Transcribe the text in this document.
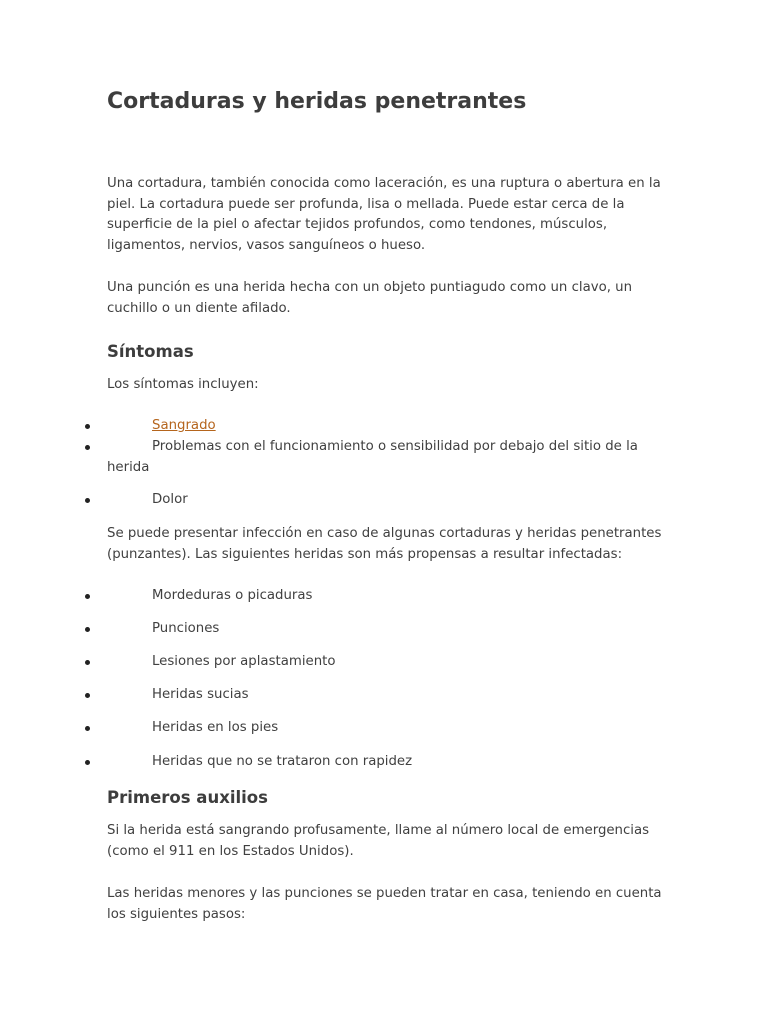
Cortaduras y heridas penetrantes

Una cortadura, también conocida como laceración, es una ruptura o abertura en la piel. La cortadura puede ser profunda, lisa o mellada. Puede estar cerca de la superficie de la piel o afectar tejidos profundos, como tendones, músculos, ligamentos, nervios, vasos sanguíneos o hueso.

Una punción es una herida hecha con un objeto puntiagudo como un clavo, un cuchillo o un diente afilado.

Síntomas

Los síntomas incluyen:

Sangrado
Problemas con el funcionamiento o sensibilidad por debajo del sitio de la herida
Dolor

Se puede presentar infección en caso de algunas cortaduras y heridas penetrantes (punzantes). Las siguientes heridas son más propensas a resultar infectadas:

Mordeduras o picaduras
Punciones
Lesiones por aplastamiento
Heridas sucias
Heridas en los pies
Heridas que no se trataron con rapidez
Primeros auxilios

Si la herida está sangrando profusamente, llame al número local de emergencias (como el 911 en los Estados Unidos).

Las heridas menores y las punciones se pueden tratar en casa, teniendo en cuenta los siguientes pasos:
